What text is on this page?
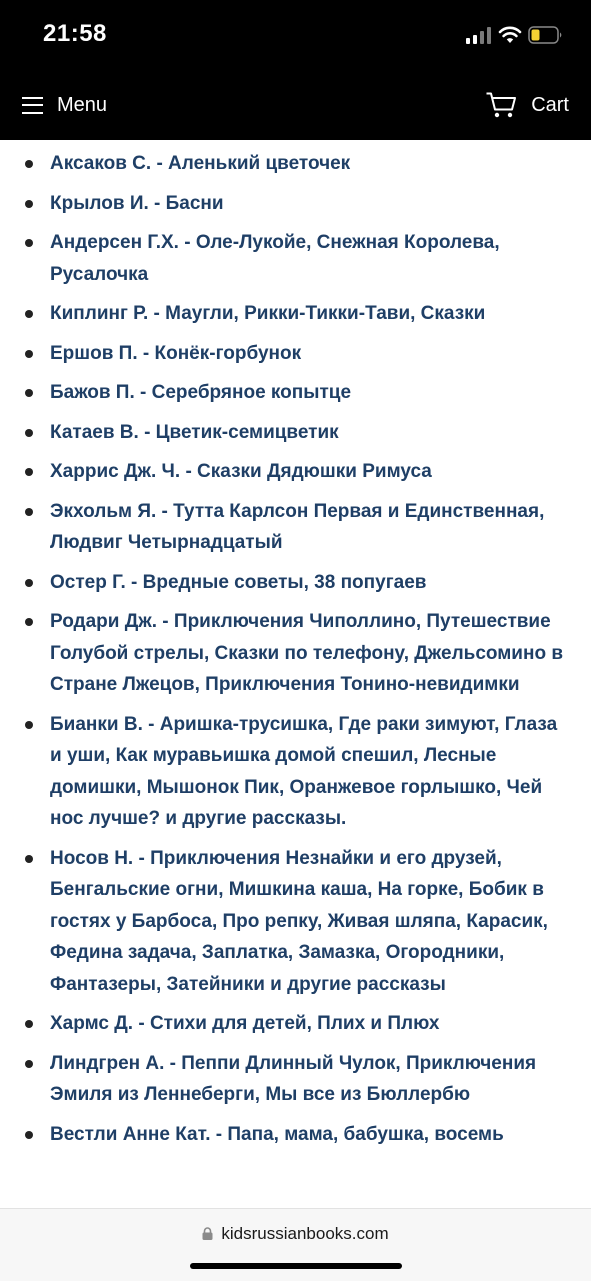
21:58
Menu	Cart
Аксаков С. - Аленький цветочек
Крылов И. - Басни
Андерсен Г.Х. - Оле-Лукойе, Снежная Королева, Русалочка
Киплинг Р. - Маугли, Рикки-Тикки-Тави, Сказки
Ершов П. - Конёк-горбунок
Бажов П. - Серебряное копытце
Катаев В. - Цветик-семицветик
Харрис Дж. Ч. - Сказки Дядюшки Римуса
Экхольм Я. - Тутта Карлсон Первая и Единственная, Людвиг Четырнадцатый
Остер Г. - Вредные советы, 38 попугаев
Родари Дж. - Приключения Чиполлино, Путешествие Голубой стрелы, Сказки по телефону, Джельсомино в Стране Лжецов, Приключения Тонино-невидимки
Бианки В. - Аришка-трусишка, Где раки зимуют, Глаза и уши, Как муравьишка домой спешил, Лесные домишки, Мышонок Пик, Оранжевое горлышко, Чей нос лучше? и другие рассказы.
Носов Н. - Приключения Незнайки и его друзей, Бенгальские огни, Мишкина каша, На горке, Бобик в гостях у Барбоса, Про репку, Живая шляпа, Карасик, Федина задача, Заплатка, Замазка, Огородники, Фантазеры, Затейники и другие рассказы
Хармс Д. - Стихи для детей, Плих и Плюх
Линдгрен А. - Пеппи Длинный Чулок, Приключения Эмиля из Леннеберги, Мы все из Бюллербю
Вестли Анне Кат. - Папа, мама, бабушка, восемь
kidsrussianbooks.com
